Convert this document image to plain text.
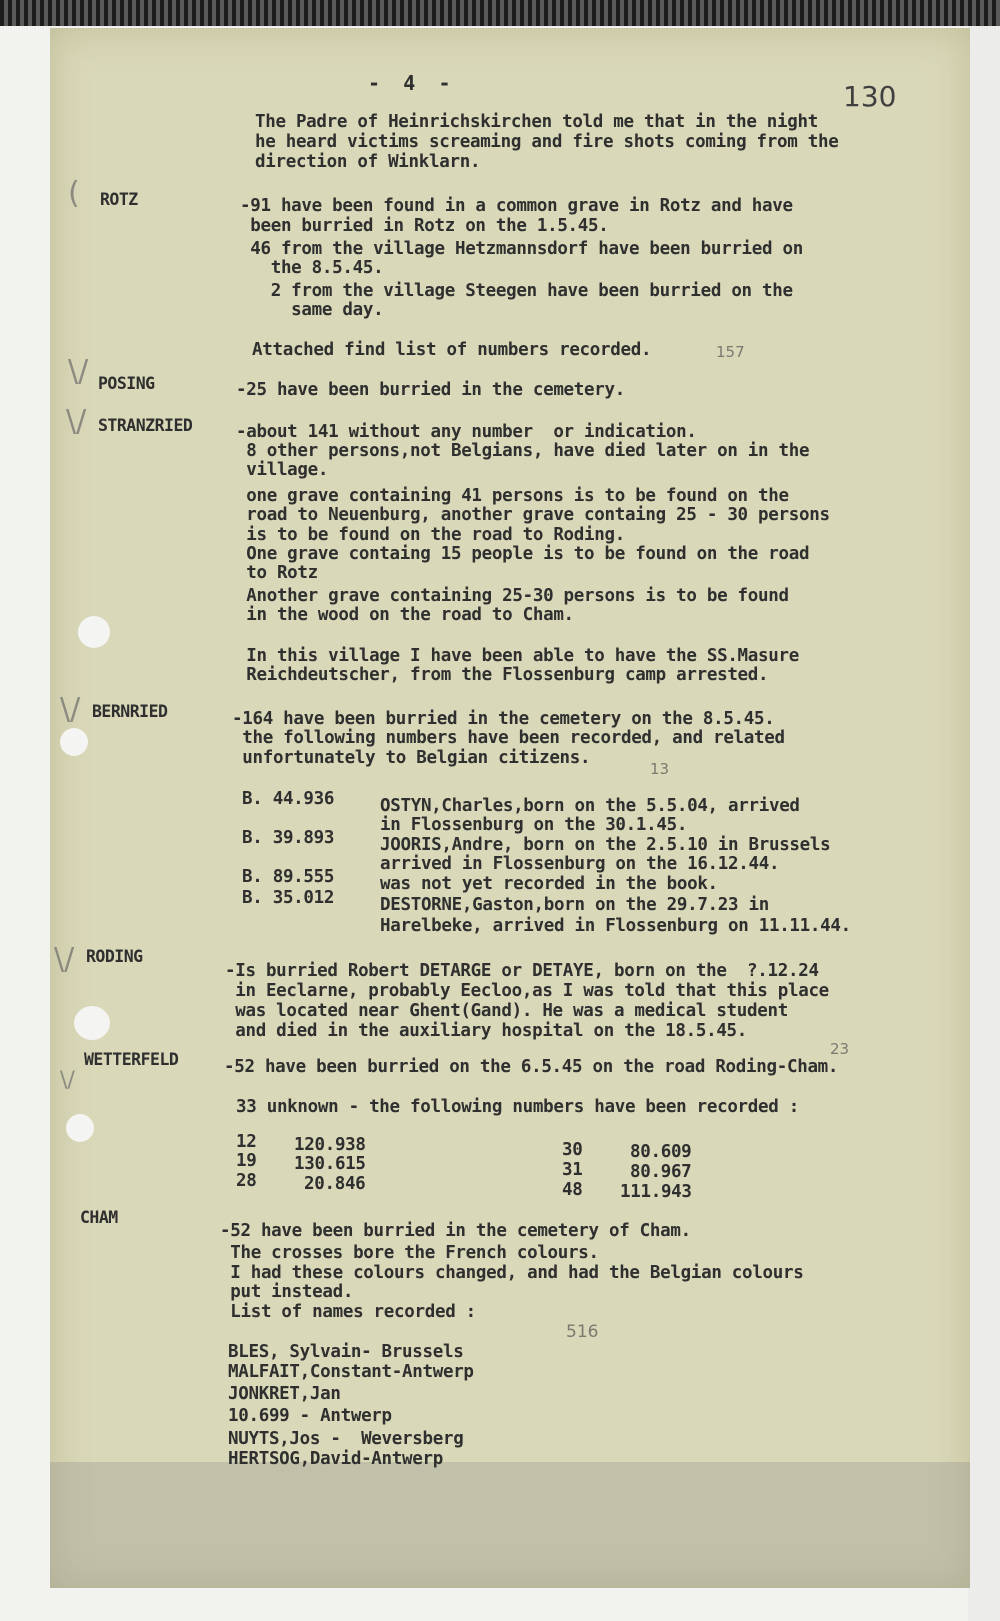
-  4  -	130
The Padre of Heinrichskirchen told me that in the night
he heard victims screaming and fire shots coming from the
direction of Winklarn.
( ROTZ	-91 have been found in a common grave in Rotz and have
been burried in Rotz on the 1.5.45.
46 from the village Hetzmannsdorf have been burried on
the 8.5.45.
2 from the village Steegen have been burried on the
same day.
Attached find list of numbers recorded.	157
\/ POSING	-25 have been burried in the cemetery.
\/ STRANZRIED -about 141 without any number  or indication.
8 other persons,not Belgians, have died later on in the
village.
one grave containing 41 persons is to be found on the
road to Neuenburg, another grave containg 25 - 30 persons
is to be found on the road to Roding.
One grave containg 15 people is to be found on the road
to Rotz
Another grave containing 25-30 persons is to be found
in the wood on the road to Cham.
In this village I have been able to have the SS.Masure
Reichdeutscher, from the Flossenburg camp arrested.
\/ BERNRIED	-164 have been burried in the cemetery on the 8.5.45.
the following numbers have been recorded, and related
unfortunately to Belgian citizens.
13
B. 44.936	OSTYN,Charles,born on the 5.5.04, arrived
in Flossenburg on the 30.1.45.
B. 39.893	JOORIS,Andre, born on the 2.5.10 in Brussels
arrived in Flossenburg on the 16.12.44.
B. 89.555	was not yet recorded in the book.
B. 35.012	DESTORNE,Gaston,born on the 29.7.23 in
Harelbeke, arrived in Flossenburg on 11.11.44.
\/ RODING
-Is burried Robert DETARGE or DETAYE, born on the  ?.12.24
in Eeclarne, probably Eecloo,as I was told that this place
was located near Ghent(Gand). He was a medical student
and died in the auxiliary hospital on the 18.5.45.
23
WETTERFELD
\/
-52 have been burried on the 6.5.45 on the road Roding-Cham.
33 unknown - the following numbers have been recorded :
12 120.938
19 130.615
28	20.846
30	80.609
31	80.967
48 111.943
CHAM
-52 have been burried in the cemetery of Cham.
The crosses bore the French colours.
I had these colours changed, and had the Belgian colours
put instead.
List of names recorded :
516
BLES, Sylvain- Brussels
MALFAIT,Constant-Antwerp
JONKRET,Jan
10.699 - Antwerp
NUYTS,Jos -  Weversberg
HERTSOG,David-Antwerp
